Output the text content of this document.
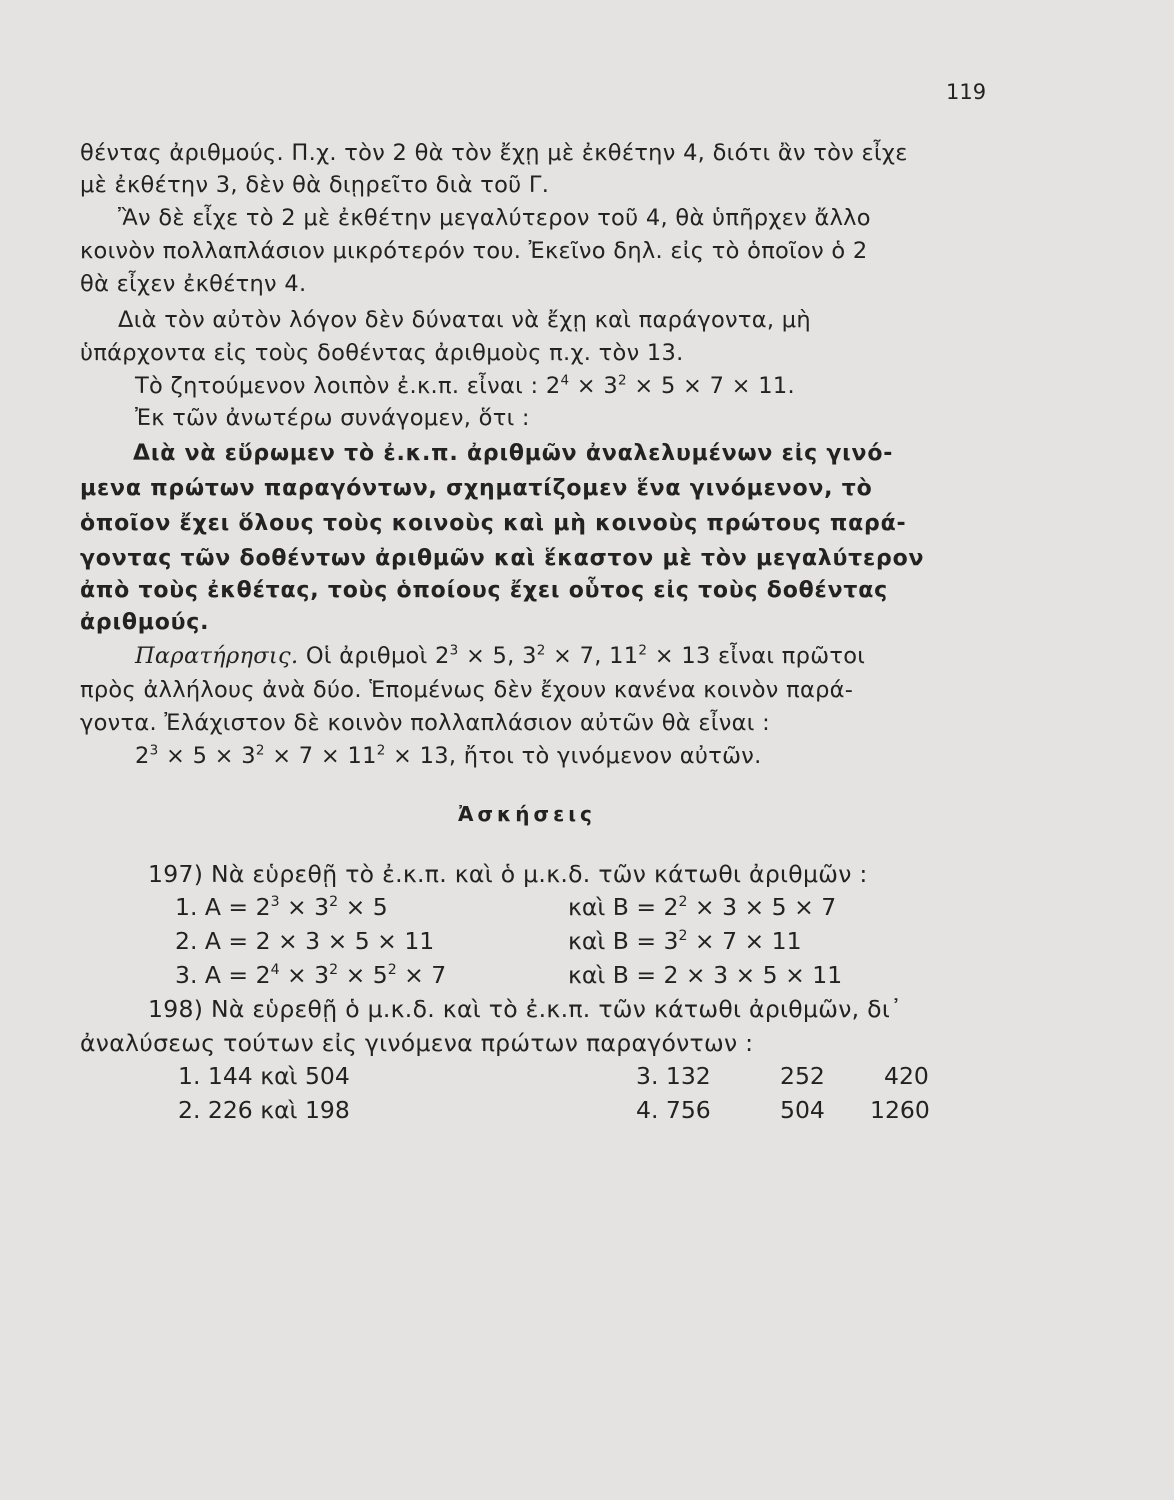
119
θέντας ἀριθμούς. Π.χ. τὸν 2 θὰ τὸν ἔχῃ μὲ ἐκθέτην 4, διότι ἂν τὸν εἶχε
μὲ ἐκθέτην 3, δὲν θὰ διῃρεῖτο διὰ τοῦ Γ.
Ἂν δὲ εἶχε τὸ 2 μὲ ἐκθέτην μεγαλύτερον τοῦ 4, θὰ ὑπῆρχεν ἄλλο
κοινὸν πολλαπλάσιον μικρότερόν του. Ἐκεῖνο δηλ. εἰς τὸ ὁποῖον ὁ 2
θὰ εἶχεν ἐκθέτην 4.
Διὰ τὸν αὐτὸν λόγον δὲν δύναται νὰ ἔχῃ καὶ παράγοντα, μὴ
ὑπάρχοντα εἰς τοὺς δοθέντας ἀριθμοὺς π.χ. τὸν 13.
Τὸ ζητούμενον λοιπὸν ἐ.κ.π. εἶναι : $2^4 \times 3^2 \times 5 \times 7 \times 11$.
Ἐκ τῶν ἀνωτέρω συνάγομεν, ὅτι :
Διὰ νὰ εὕρωμεν τὸ ἐ.κ.π. ἀριθμῶν ἀναλελυμένων εἰς γινό-
μενα πρώτων παραγόντων, σχηματίζομεν ἕνα γινόμενον, τὸ
ὁποῖον ἔχει ὅλους τοὺς κοινοὺς καὶ μὴ κοινοὺς πρώτους παρά-
γοντας τῶν δοθέντων ἀριθμῶν καὶ ἕκαστον μὲ τὸν μεγαλύτερον
ἀπὸ τοὺς ἐκθέτας, τοὺς ὁποίους ἔχει οὗτος εἰς τοὺς δοθέντας
ἀριθμούς.
Παρατήρησις. Οἱ ἀριθμοὶ $2^3 \times 5$, $3^2 \times 7$, $11^2 \times 13$ εἶναι πρῶτοι
πρὸς ἀλλήλους ἀνὰ δύο. Ἑπομένως δὲν ἔχουν κανένα κοινὸν παρά-
γοντα. Ἐλάχιστον δὲ κοινὸν πολλαπλάσιον αὐτῶν θὰ εἶναι :
$2^3 \times 5 \times 3^2 \times 7 \times 11^2 \times 13$, ἤτοι τὸ γινόμενον αὐτῶν.
Ἀσκήσεις
197) Νὰ εὑρεθῇ τὸ ἐ.κ.π. καὶ ὁ μ.κ.δ. τῶν κάτωθι ἀριθμῶν :
1. $A = 2^3 \times 3^2 \times 5$	καὶ $B = 2^2 \times 3 \times 5 \times 7$
2. Α = 2 × 3 × 5 × 11	καὶ $B = 3^2 \times 7 \times 11$
3. $A = 2^4 \times 3^2 \times 5^2 \times 7$	καὶ Β = 2 × 3 × 5 × 11
198) Νὰ εὑρεθῇ ὁ μ.κ.δ. καὶ τὸ ἐ.κ.π. τῶν κάτωθι ἀριθμῶν, δι᾽
ἀναλύσεως τούτων εἰς γινόμενα πρώτων παραγόντων :
1. 144 καὶ 504
2. 226 καὶ 198
3. 132	252	420
4. 756	504 1260
